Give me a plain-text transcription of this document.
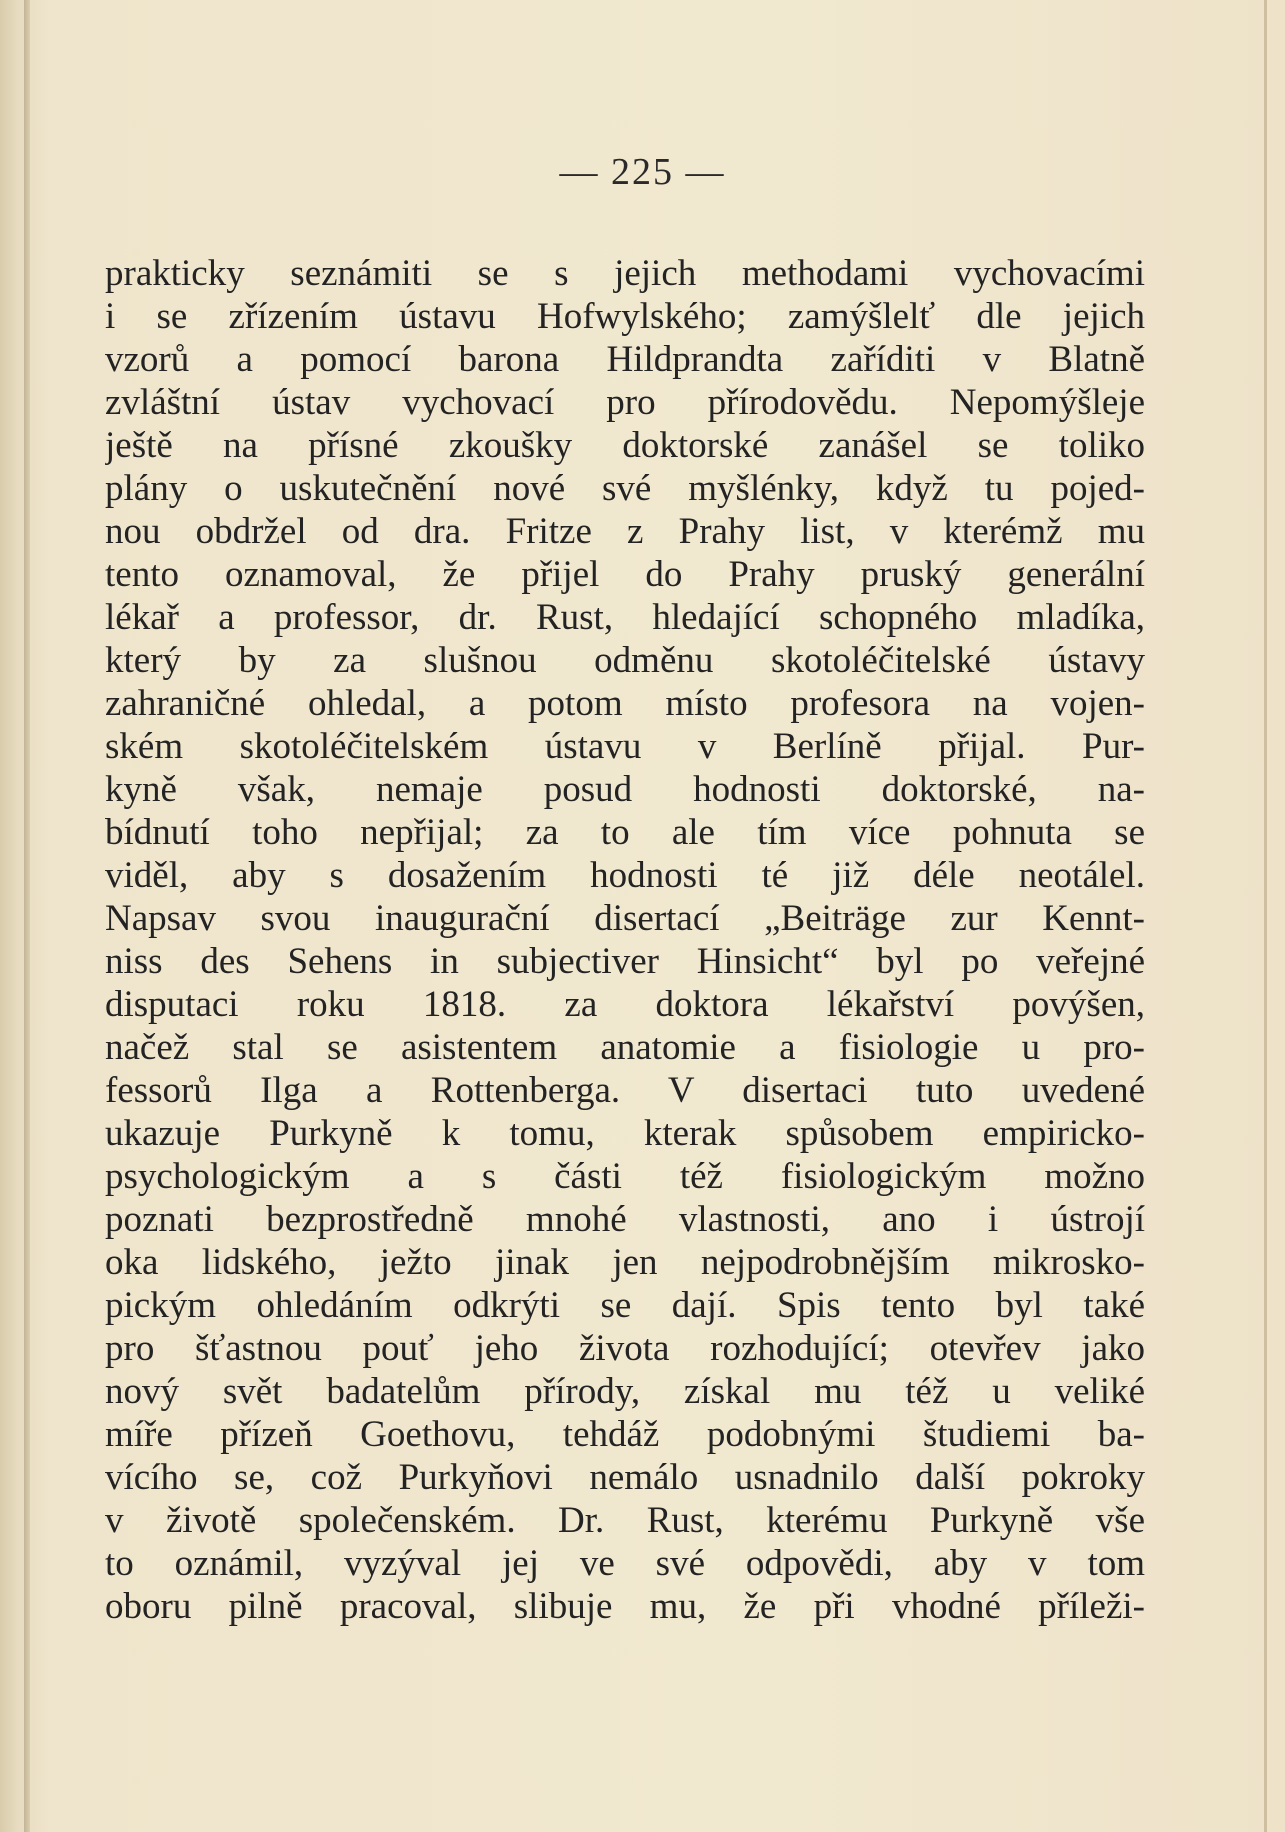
— 225 —
prakticky seznámiti se s jejich methodami vychovacími
i se zřízením ústavu Hofwylského; zamýšlelť dle jejich
vzorů a pomocí barona Hildprandta zaříditi v Blatně
zvláštní ústav vychovací pro přírodovědu. Nepomýšleje
ještě na přísné zkoušky doktorské zanášel se toliko
plány o uskutečnění nové své myšlénky, když tu pojed-
nou obdržel od dra. Fritze z Prahy list, v kterémž mu
tento oznamoval, že přijel do Prahy pruský generální
lékař a professor, dr. Rust, hledající schopného mladíka,
který by za slušnou odměnu skotoléčitelské ústavy
zahraničné ohledal, a potom místo profesora na vojen-
ském skotoléčitelském ústavu v Berlíně přijal. Pur-
kyně však, nemaje posud hodnosti doktorské, na-
bídnutí toho nepřijal; za to ale tím více pohnuta se
viděl, aby s dosažením hodnosti té již déle neotálel.
Napsav svou inaugurační disertací „Beiträge zur Kennt-
niss des Sehens in subjectiver Hinsicht“ byl po veřejné
disputaci roku 1818. za doktora lékařství povýšen,
načež stal se asistentem anatomie a fisiologie u pro-
fessorů Ilga a Rottenberga. V disertaci tuto uvedené
ukazuje Purkyně k tomu, kterak spůsobem empiricko-
psychologickým a s části též fisiologickým možno
poznati bezprostředně mnohé vlastnosti, ano i ústrojí
oka lidského, ježto jinak jen nejpodrobnějším mikrosko-
pickým ohledáním odkrýti se dají. Spis tento byl také
pro šťastnou pouť jeho života rozhodující; otevřev jako
nový svět badatelům přírody, získal mu též u veliké
míře přízeň Goethovu, tehdáž podobnými študiemi ba-
vícího se, což Purkyňovi nemálo usnadnilo další pokroky
v životě společenském. Dr. Rust, kterému Purkyně vše
to oznámil, vyzýval jej ve své odpovědi, aby v tom
oboru pilně pracoval, slibuje mu, že při vhodné příleži-
